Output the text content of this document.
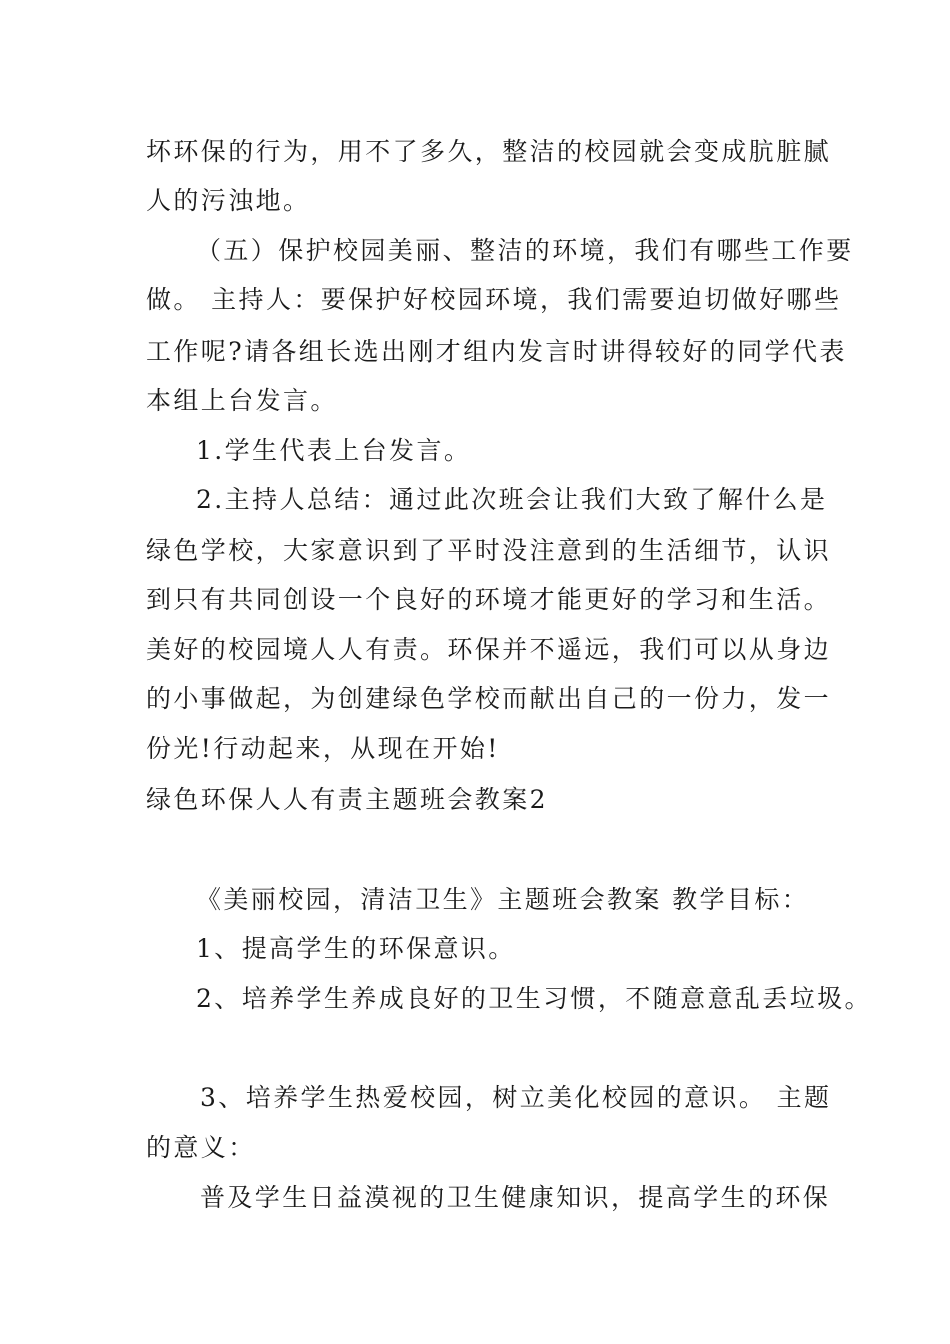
坏环保的行为，用不了多久，整洁的校园就会变成肮脏腻
人的污浊地。
（五）保护校园美丽、整洁的环境，我们有哪些工作要
做。 主持人：要保护好校园环境，我们需要迫切做好哪些
工作呢?请各组长选出刚才组内发言时讲得较好的同学代表
本组上台发言。
1.学生代表上台发言。
2.主持人总结：通过此次班会让我们大致了解什么是
绿色学校，大家意识到了平时没注意到的生活细节，认识
到只有共同创设一个良好的环境才能更好的学习和生活。
美好的校园境人人有责。环保并不遥远，我们可以从身边
的小事做起，为创建绿色学校而献出自己的一份力，发一
份光!行动起来，从现在开始!
绿色环保人人有责主题班会教案2
《美丽校园，清洁卫生》主题班会教案 教学目标：
1、提高学生的环保意识。
2、培养学生养成良好的卫生习惯，不随意意乱丢垃圾。
3、培养学生热爱校园，树立美化校园的意识。 主题
的意义：
普及学生日益漠视的卫生健康知识，提高学生的环保
